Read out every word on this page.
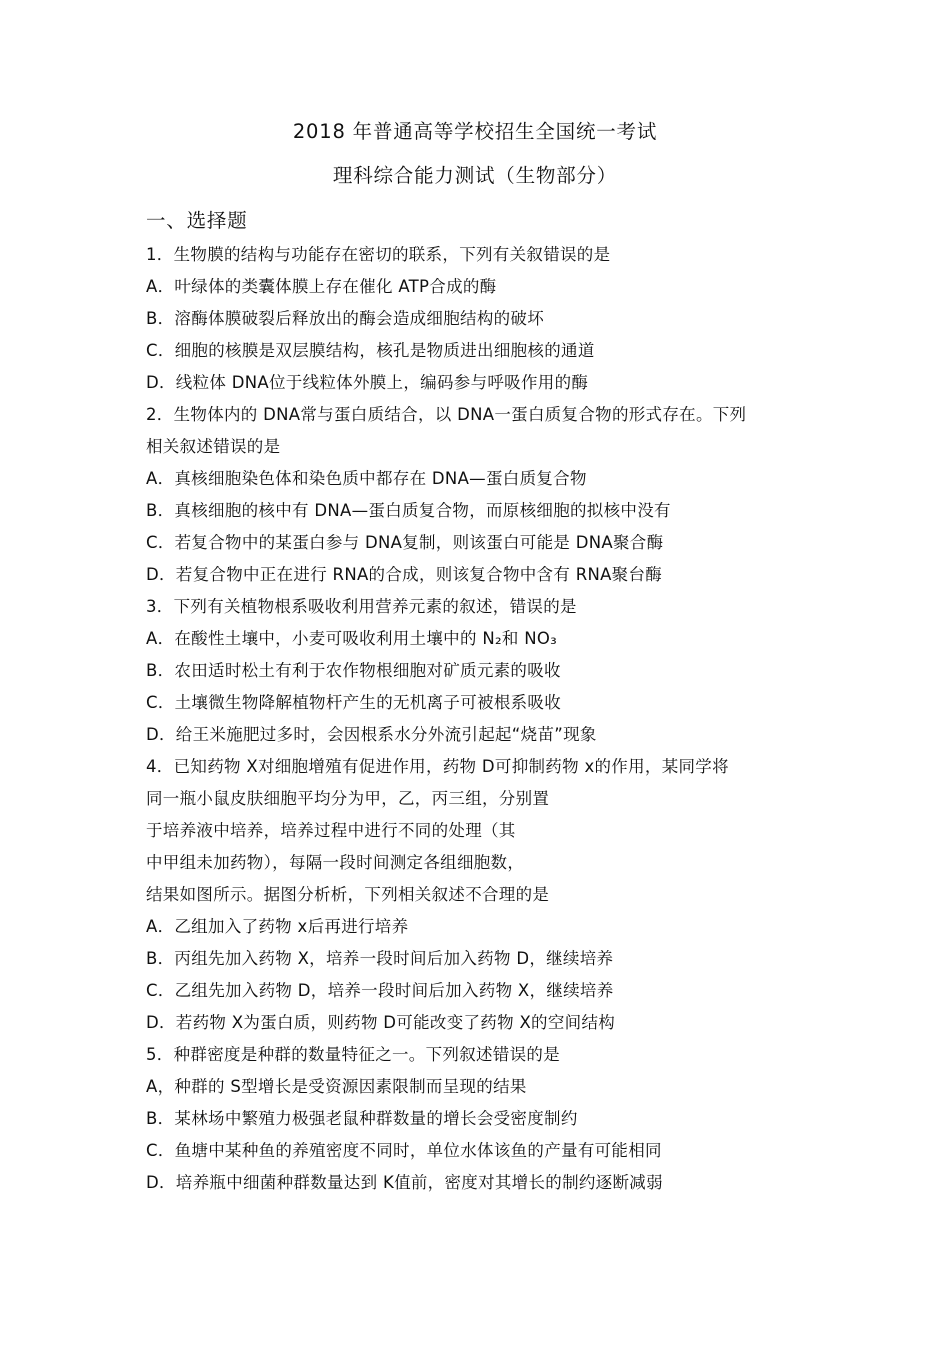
2018 年普通高等学校招生全国统一考试
理科综合能力测试（生物部分）
一、选择题
1．生物膜的结构与功能存在密切的联系，下列有关叙错误的是
A．叶绿体的类囊体膜上存在催化 ATP合成的酶
B．溶酶体膜破裂后释放出的酶会造成细胞结构的破坏
C．细胞的核膜是双层膜结构，核孔是物质进出细胞核的通道
D．线粒体 DNA位于线粒体外膜上，编码参与呼吸作用的酶
2．生物体内的 DNA常与蛋白质结合，以 DNA一蛋白质复合物的形式存在。下列
相关叙述错误的是
A．真核细胞染色体和染色质中都存在 DNA—蛋白质复合物
B．真核细胞的核中有 DNA—蛋白质复合物，而原核细胞的拟核中没有
C．若复合物中的某蛋白参与 DNA复制，则该蛋白可能是 DNA聚合酶
D．若复合物中正在进行 RNA的合成，则该复合物中含有 RNA聚台酶
3．下列有关植物根系吸收利用营养元素的叙述，错误的是
A．在酸性土壤中，小麦可吸收利用土壤中的 N₂和 NO₃
B．农田适时松土有利于农作物根细胞对矿质元素的吸收
C．土壤微生物降解植物杆产生的无机离子可被根系吸收
D．给王米施肥过多时，会因根系水分外流引起起“烧苗”现象
4．已知药物 X对细胞增殖有促进作用，药物 D可抑制药物 x的作用，某同学将
同一瓶小鼠皮肤细胞平均分为甲，乙，丙三组，分别置
于培养液中培养，培养过程中进行不同的处理（其
中甲组未加药物），每隔一段时间测定各组细胞数，
结果如图所示。据图分析析，下列相关叙述不合理的是
A．乙组加入了药物 x后再进行培养
B．丙组先加入药物 X，培养一段时间后加入药物 D，继续培养
C．乙组先加入药物 D，培养一段时间后加入药物 X，继续培养
D．若药物 X为蛋白质，则药物 D可能改变了药物 X的空间结构
5．种群密度是种群的数量特征之一。下列叙述错误的是
A，种群的 S型增长是受资源因素限制而呈现的结果
B．某林场中繁殖力极强老鼠种群数量的增长会受密度制约
C．鱼塘中某种鱼的养殖密度不同时，单位水体该鱼的产量有可能相同
D．培养瓶中细菌种群数量达到 K值前，密度对其增长的制约逐断减弱
